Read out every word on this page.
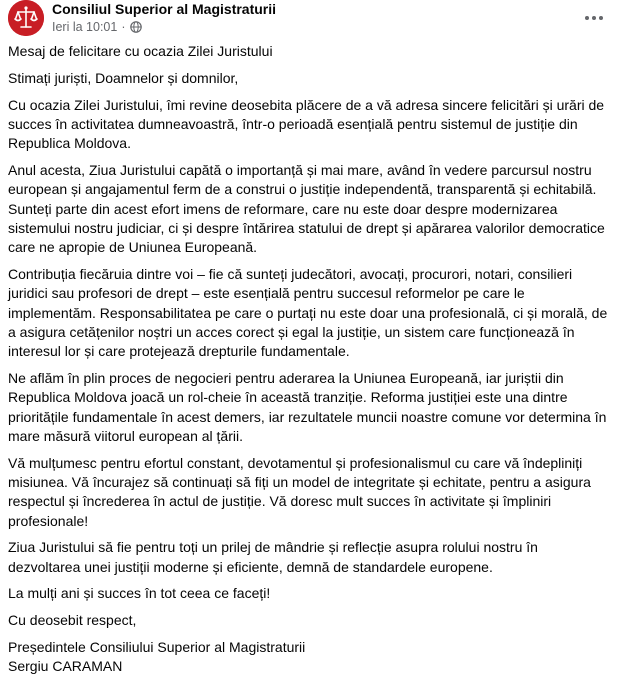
Consiliul Superior al Magistraturii
Ieri la 10:01 ·

Mesaj de felicitare cu ocazia Zilei Juristului

Stimați juriști, Doamnelor și domnilor,

Cu ocazia Zilei Juristului, îmi revine deosebita plăcere de a vă adresa sincere felicitări și urări de succes în activitatea dumneavoastră, într-o perioadă esențială pentru sistemul de justiție din Republica Moldova.

Anul acesta, Ziua Juristului capătă o importanță și mai mare, având în vedere parcursul nostru european și angajamentul ferm de a construi o justiție independentă, transparentă și echitabilă. Sunteți parte din acest efort imens de reformare, care nu este doar despre modernizarea sistemului nostru judiciar, ci și despre întărirea statului de drept și apărarea valorilor democratice care ne apropie de Uniunea Europeană.

Contribuția fiecăruia dintre voi – fie că sunteți judecători, avocați, procurori, notari, consilieri juridici sau profesori de drept – este esențială pentru succesul reformelor pe care le implementăm. Responsabilitatea pe care o purtați nu este doar una profesională, ci și morală, de a asigura cetățenilor noștri un acces corect și egal la justiție, un sistem care funcționează în interesul lor și care protejează drepturile fundamentale.

Ne aflăm în plin proces de negocieri pentru aderarea la Uniunea Europeană, iar juriștii din Republica Moldova joacă un rol-cheie în această tranziție. Reforma justiției este una dintre prioritățile fundamentale în acest demers, iar rezultatele muncii noastre comune vor determina în mare măsură viitorul european al țării.

Vă mulțumesc pentru efortul constant, devotamentul și profesionalismul cu care vă îndepliniți misiunea. Vă încurajez să continuați să fiți un model de integritate și echitate, pentru a asigura respectul și încrederea în actul de justiție. Vă doresc mult succes în activitate și împliniri profesionale!

Ziua Juristului să fie pentru toți un prilej de mândrie și reflecție asupra rolului nostru în dezvoltarea unei justiții moderne și eficiente, demnă de standardele europene.

La mulți ani și succes în tot ceea ce faceți!

Cu deosebit respect,

Președintele Consiliului Superior al Magistraturii

Sergiu CARAMAN
